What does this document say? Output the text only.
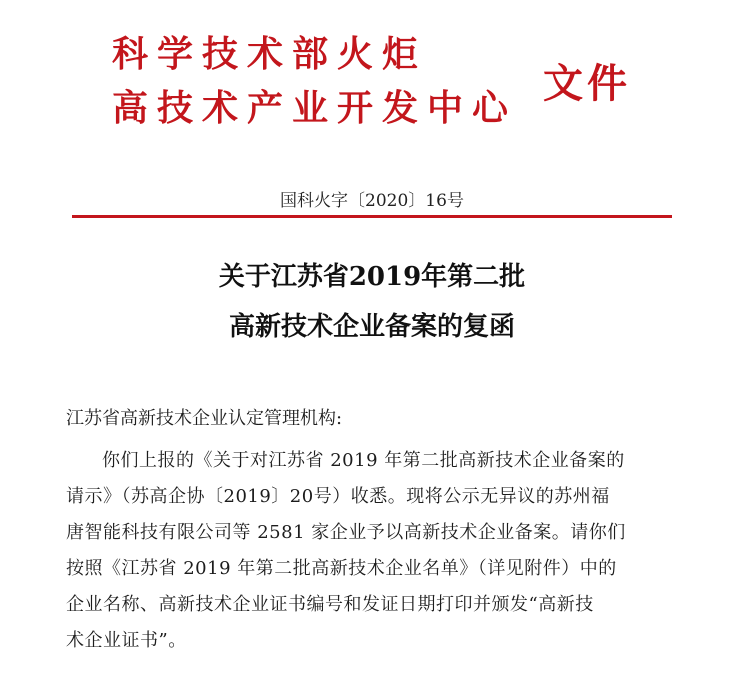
科学技术部火炬
高技术产业开发中心
文件
国科火字〔2020〕16号
关于江苏省2019年第二批
高新技术企业备案的复函
江苏省高新技术企业认定管理机构:
你们上报的《关于对江苏省 2019 年第二批高新技术企业备案的
请示》（苏高企协〔2019〕20号）收悉。现将公示无异议的苏州福
唐智能科技有限公司等 2581 家企业予以高新技术企业备案。请你们
按照《江苏省 2019 年第二批高新技术企业名单》（详见附件）中的
企业名称、高新技术企业证书编号和发证日期打印并颁发“高新技
术企业证书”。
